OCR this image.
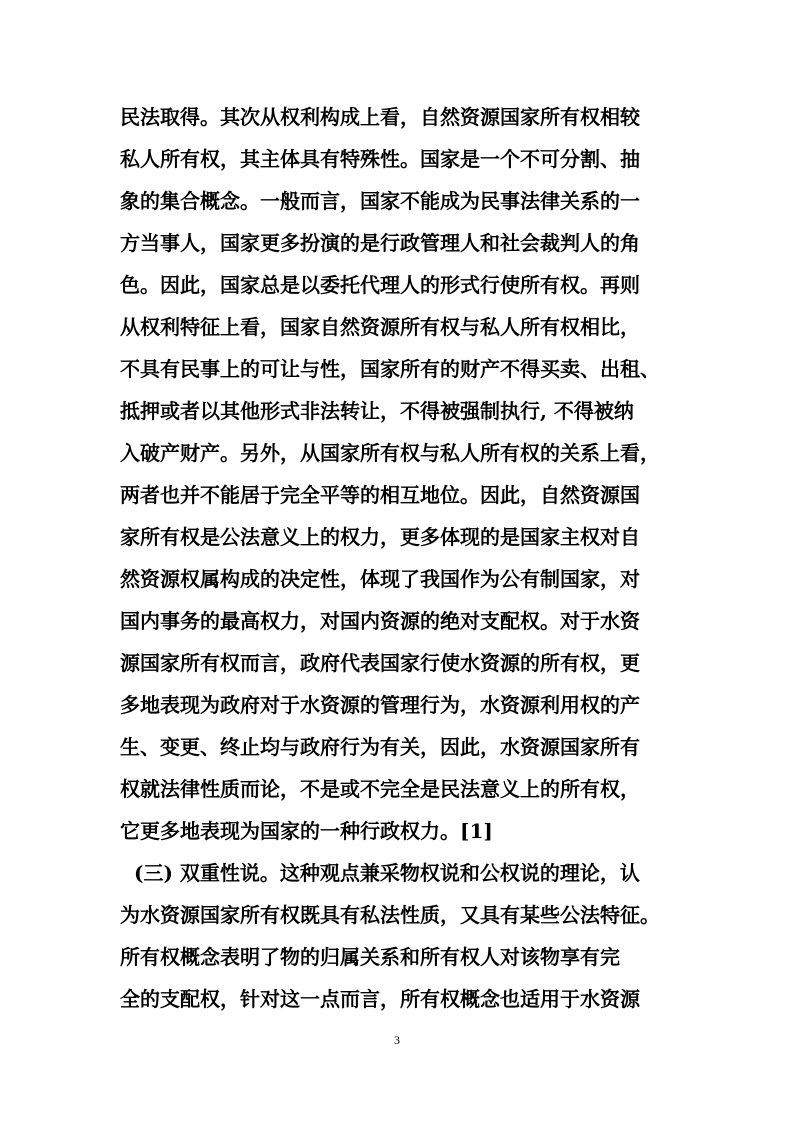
民法取得。其次从权利构成上看，自然资源国家所有权相较
私人所有权，其主体具有特殊性。国家是一个不可分割、抽
象的集合概念。一般而言，国家不能成为民事法律关系的一
方当事人，国家更多扮演的是行政管理人和社会裁判人的角
色。因此，国家总是以委托代理人的形式行使所有权。再则
从权利特征上看，国家自然资源所有权与私人所有权相比，
不具有民事上的可让与性，国家所有的财产不得买卖、出租、
抵押或者以其他形式非法转让，不得被强制执行, 不得被纳
入破产财产。另外，从国家所有权与私人所有权的关系上看，
两者也并不能居于完全平等的相互地位。因此，自然资源国
家所有权是公法意义上的权力，更多体现的是国家主权对自
然资源权属构成的决定性，体现了我国作为公有制国家，对
国内事务的最高权力，对国内资源的绝对支配权。对于水资
源国家所有权而言，政府代表国家行使水资源的所有权，更
多地表现为政府对于水资源的管理行为，水资源利用权的产
生、变更、终止均与政府行为有关，因此，水资源国家所有
权就法律性质而论，不是或不完全是民法意义上的所有权，
它更多地表现为国家的一种行政权力。[1]
(三) 双重性说。这种观点兼采物权说和公权说的理论，认
为水资源国家所有权既具有私法性质，又具有某些公法特征。
所有权概念表明了物的归属关系和所有权人对该物享有完
全的支配权，针对这一点而言，所有权概念也适用于水资源
3
